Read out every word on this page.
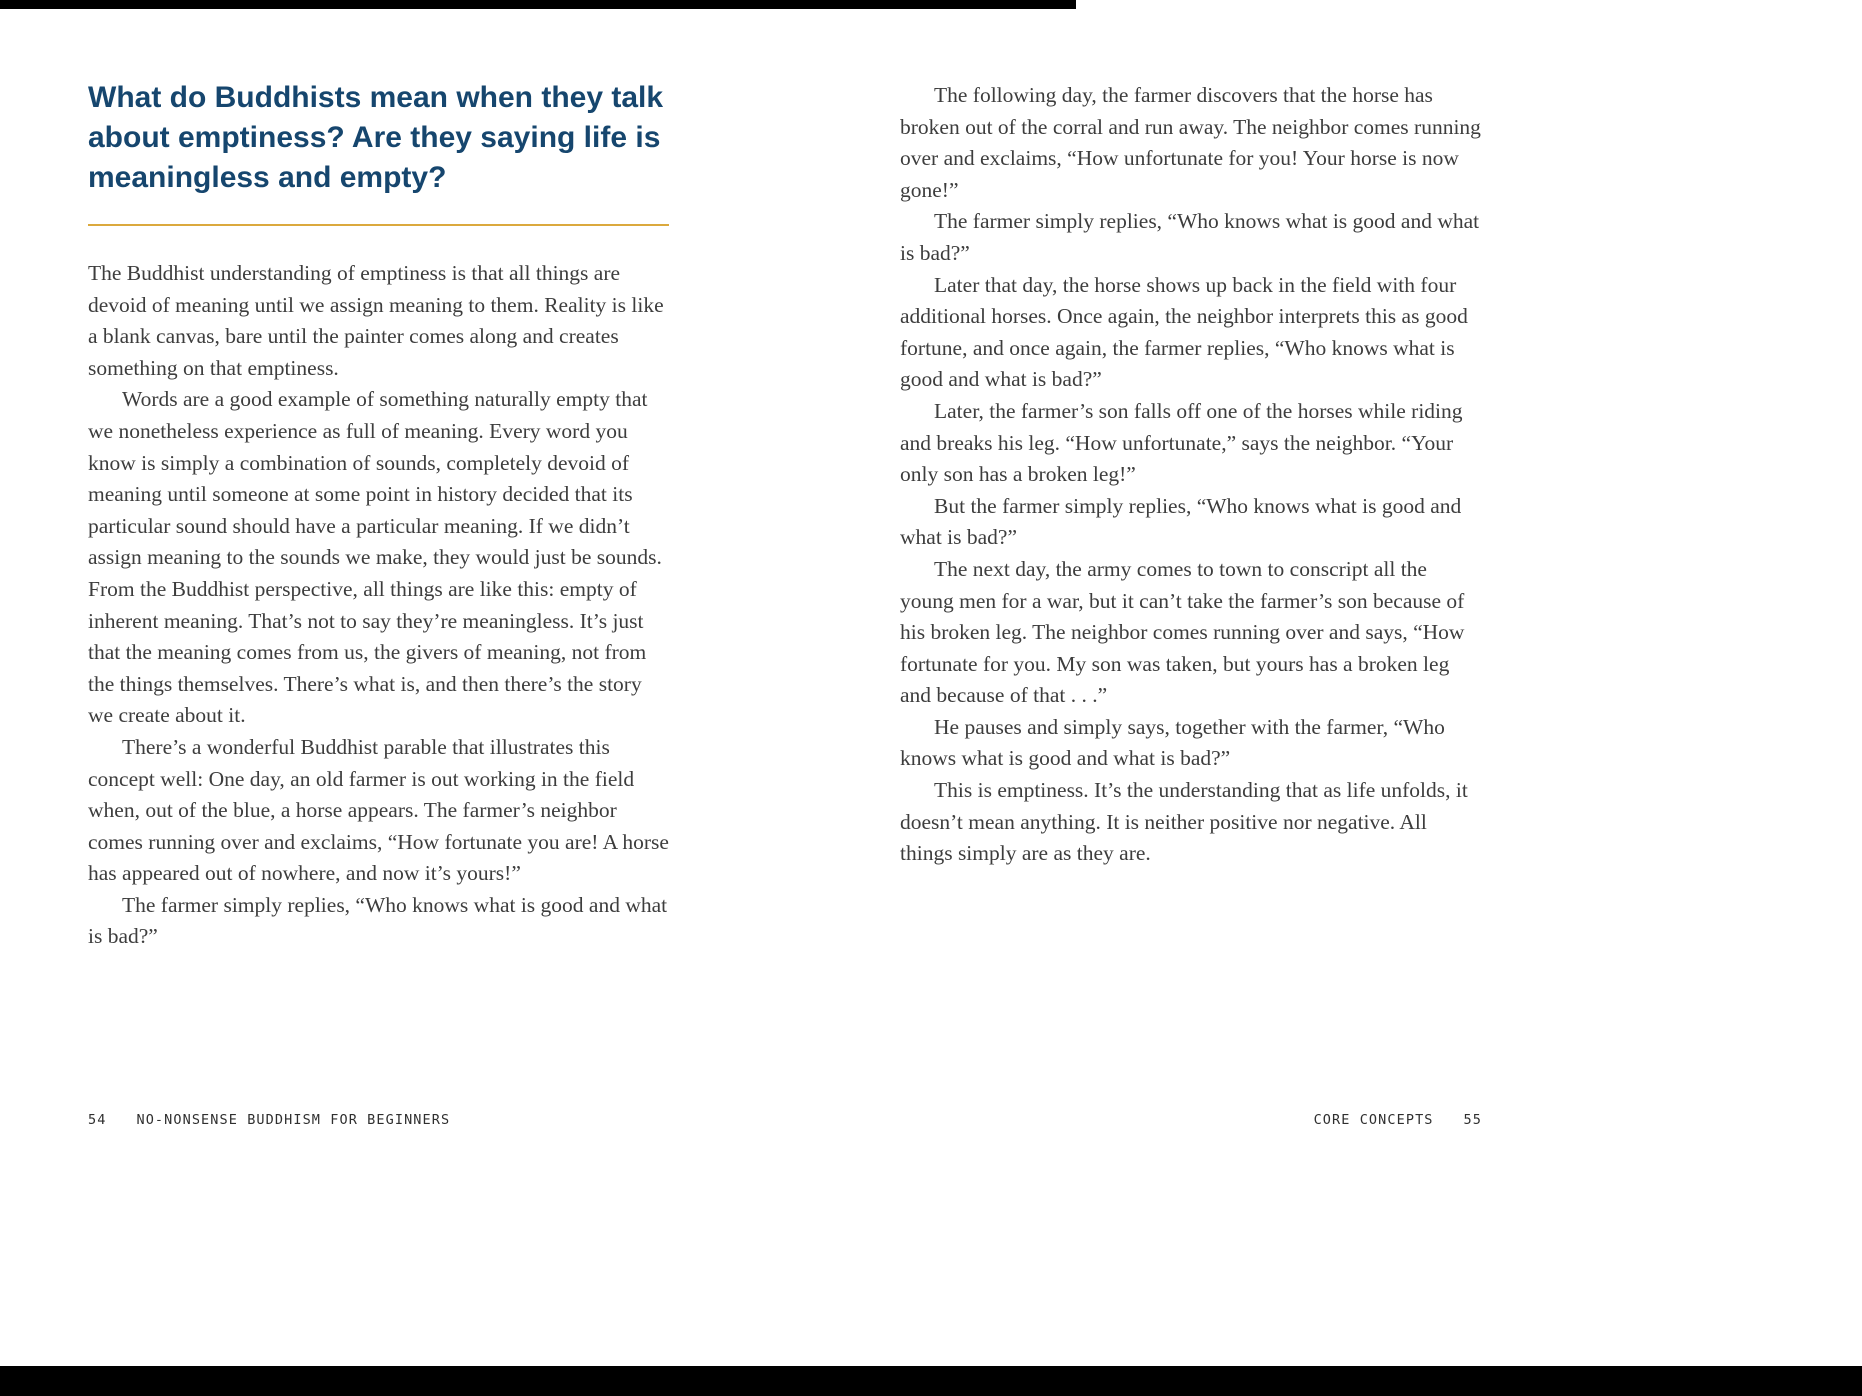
What do Buddhists mean when they talk about emptiness? Are they saying life is meaningless and empty?

The Buddhist understanding of emptiness is that all things are devoid of meaning until we assign meaning to them. Reality is like a blank canvas, bare until the painter comes along and creates something on that emptiness.

Words are a good example of something naturally empty that we nonetheless experience as full of meaning. Every word you know is simply a combination of sounds, completely devoid of meaning until someone at some point in history decided that its particular sound should have a particular meaning. If we didn’t assign meaning to the sounds we make, they would just be sounds. From the Buddhist perspective, all things are like this: empty of inherent meaning. That’s not to say they’re meaningless. It’s just that the meaning comes from us, the givers of meaning, not from the things themselves. There’s what is, and then there’s the story we create about it.

There’s a wonderful Buddhist parable that illustrates this concept well: One day, an old farmer is out working in the field when, out of the blue, a horse appears. The farmer’s neighbor comes running over and exclaims, “How fortunate you are! A horse has appeared out of nowhere, and now it’s yours!”

The farmer simply replies, “Who knows what is good and what is bad?”

The following day, the farmer discovers that the horse has broken out of the corral and run away. The neighbor comes running over and exclaims, “How unfortunate for you! Your horse is now gone!”

The farmer simply replies, “Who knows what is good and what is bad?”

Later that day, the horse shows up back in the field with four additional horses. Once again, the neighbor interprets this as good fortune, and once again, the farmer replies, “Who knows what is good and what is bad?”

Later, the farmer’s son falls off one of the horses while riding and breaks his leg. “How unfortunate,” says the neighbor. “Your only son has a broken leg!”

But the farmer simply replies, “Who knows what is good and what is bad?”

The next day, the army comes to town to conscript all the young men for a war, but it can’t take the farmer’s son because of his broken leg. The neighbor comes running over and says, “How fortunate for you. My son was taken, but yours has a broken leg and because of that . . .”

He pauses and simply says, together with the farmer, “Who knows what is good and what is bad?”

This is emptiness. It’s the understanding that as life unfolds, it doesn’t mean anything. It is neither positive nor negative. All things simply are as they are.

54 NO-NONSENSE BUDDHISM FOR BEGINNERS	CORE CONCEPTS 55
